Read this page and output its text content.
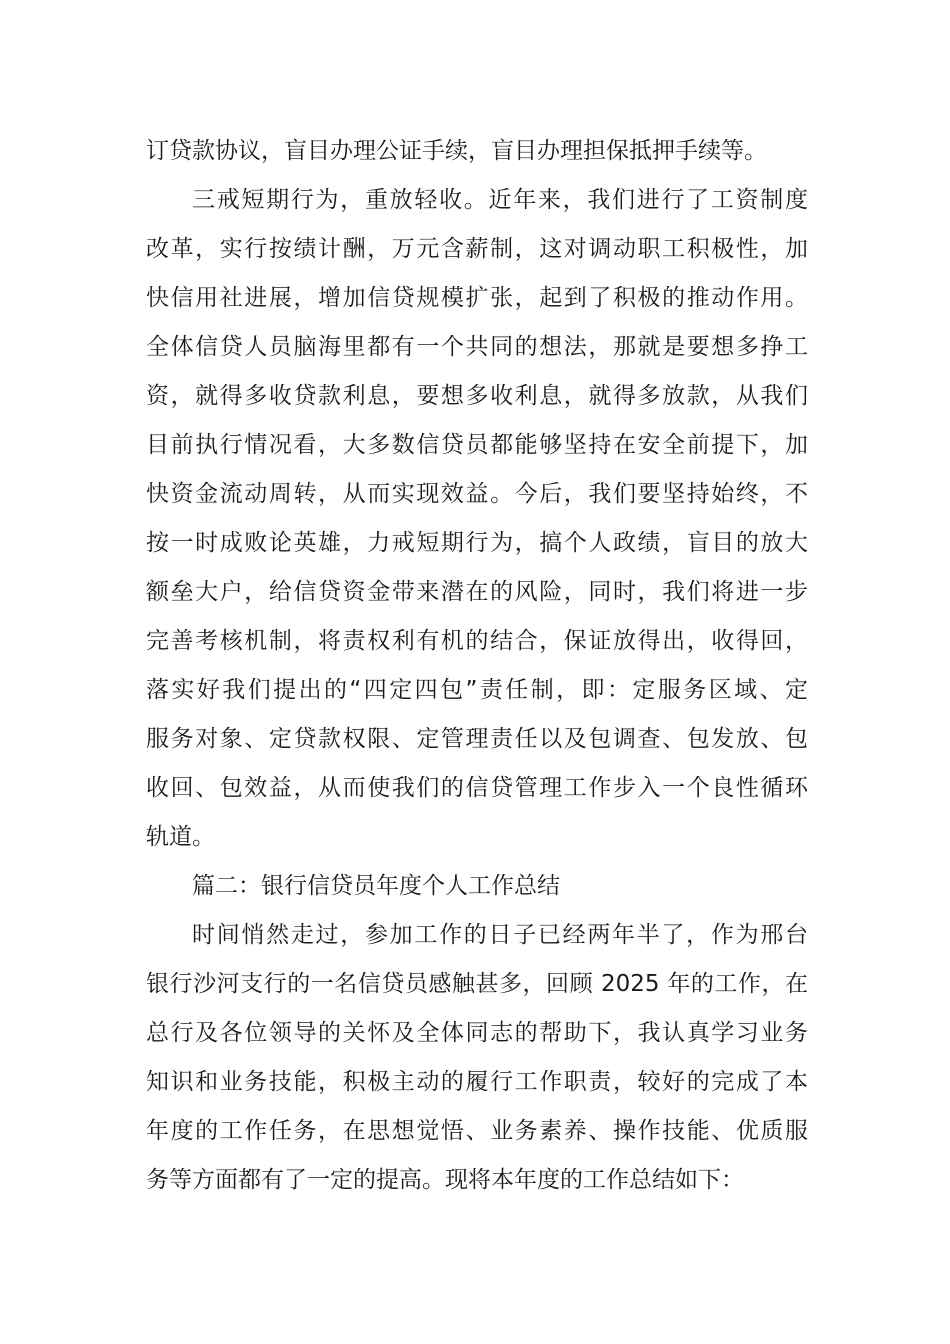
订贷款协议，盲目办理公证手续，盲目办理担保抵押手续等。
三戒短期行为，重放轻收。近年来，我们进行了工资制度
改革，实行按绩计酬，万元含薪制，这对调动职工积极性，加
快信用社进展，增加信贷规模扩张，起到了积极的推动作用。
全体信贷人员脑海里都有一个共同的想法，那就是要想多挣工
资，就得多收贷款利息，要想多收利息，就得多放款，从我们
目前执行情况看，大多数信贷员都能够坚持在安全前提下，加
快资金流动周转，从而实现效益。今后，我们要坚持始终，不
按一时成败论英雄，力戒短期行为，搞个人政绩，盲目的放大
额垒大户，给信贷资金带来潜在的风险，同时，我们将进一步
完善考核机制，将责权利有机的结合，保证放得出，收得回，
落实好我们提出的“四定四包”责任制，即：定服务区域、定
服务对象、定贷款权限、定管理责任以及包调查、包发放、包
收回、包效益，从而使我们的信贷管理工作步入一个良性循环
轨道。
篇二：银行信贷员年度个人工作总结
时间悄然走过，参加工作的日子已经两年半了，作为邢台
银行沙河支行的一名信贷员感触甚多，回顾 2025 年的工作，在
总行及各位领导的关怀及全体同志的帮助下，我认真学习业务
知识和业务技能，积极主动的履行工作职责，较好的完成了本
年度的工作任务，在思想觉悟、业务素养、操作技能、优质服
务等方面都有了一定的提高。现将本年度的工作总结如下：
